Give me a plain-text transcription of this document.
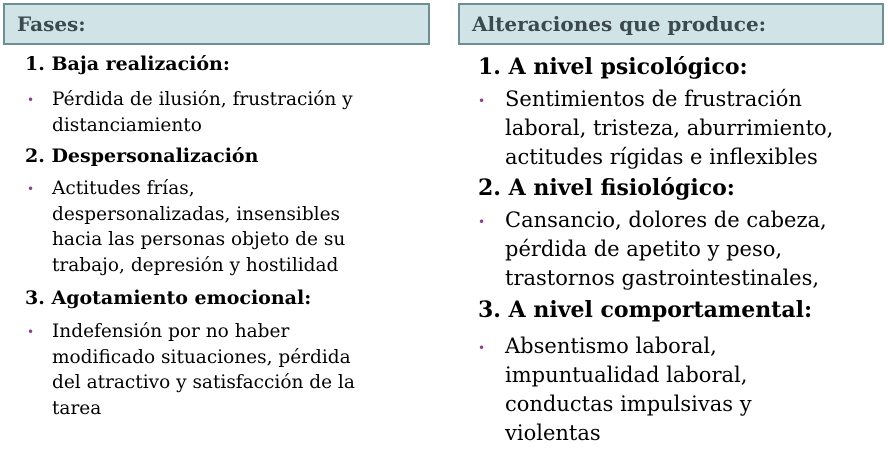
Fases:
1. Baja realización:
• Pérdida de ilusión, frustración y
distanciamiento
2. Despersonalización
• Actitudes frías,
despersonalizadas, insensibles
hacia las personas objeto de su
trabajo, depresión y hostilidad
3. Agotamiento emocional:
• Indefensión por no haber
modificado situaciones, pérdida
del atractivo y satisfacción de la
tarea
Alteraciones que produce:
1. A nivel psicológico:
• Sentimientos de frustración
laboral, tristeza, aburrimiento,
actitudes rígidas e inflexibles
2. A nivel fisiológico:
• Cansancio, dolores de cabeza,
pérdida de apetito y peso,
trastornos gastrointestinales,
3. A nivel comportamental:
• Absentismo laboral,
impuntualidad laboral,
conductas impulsivas y
violentas
